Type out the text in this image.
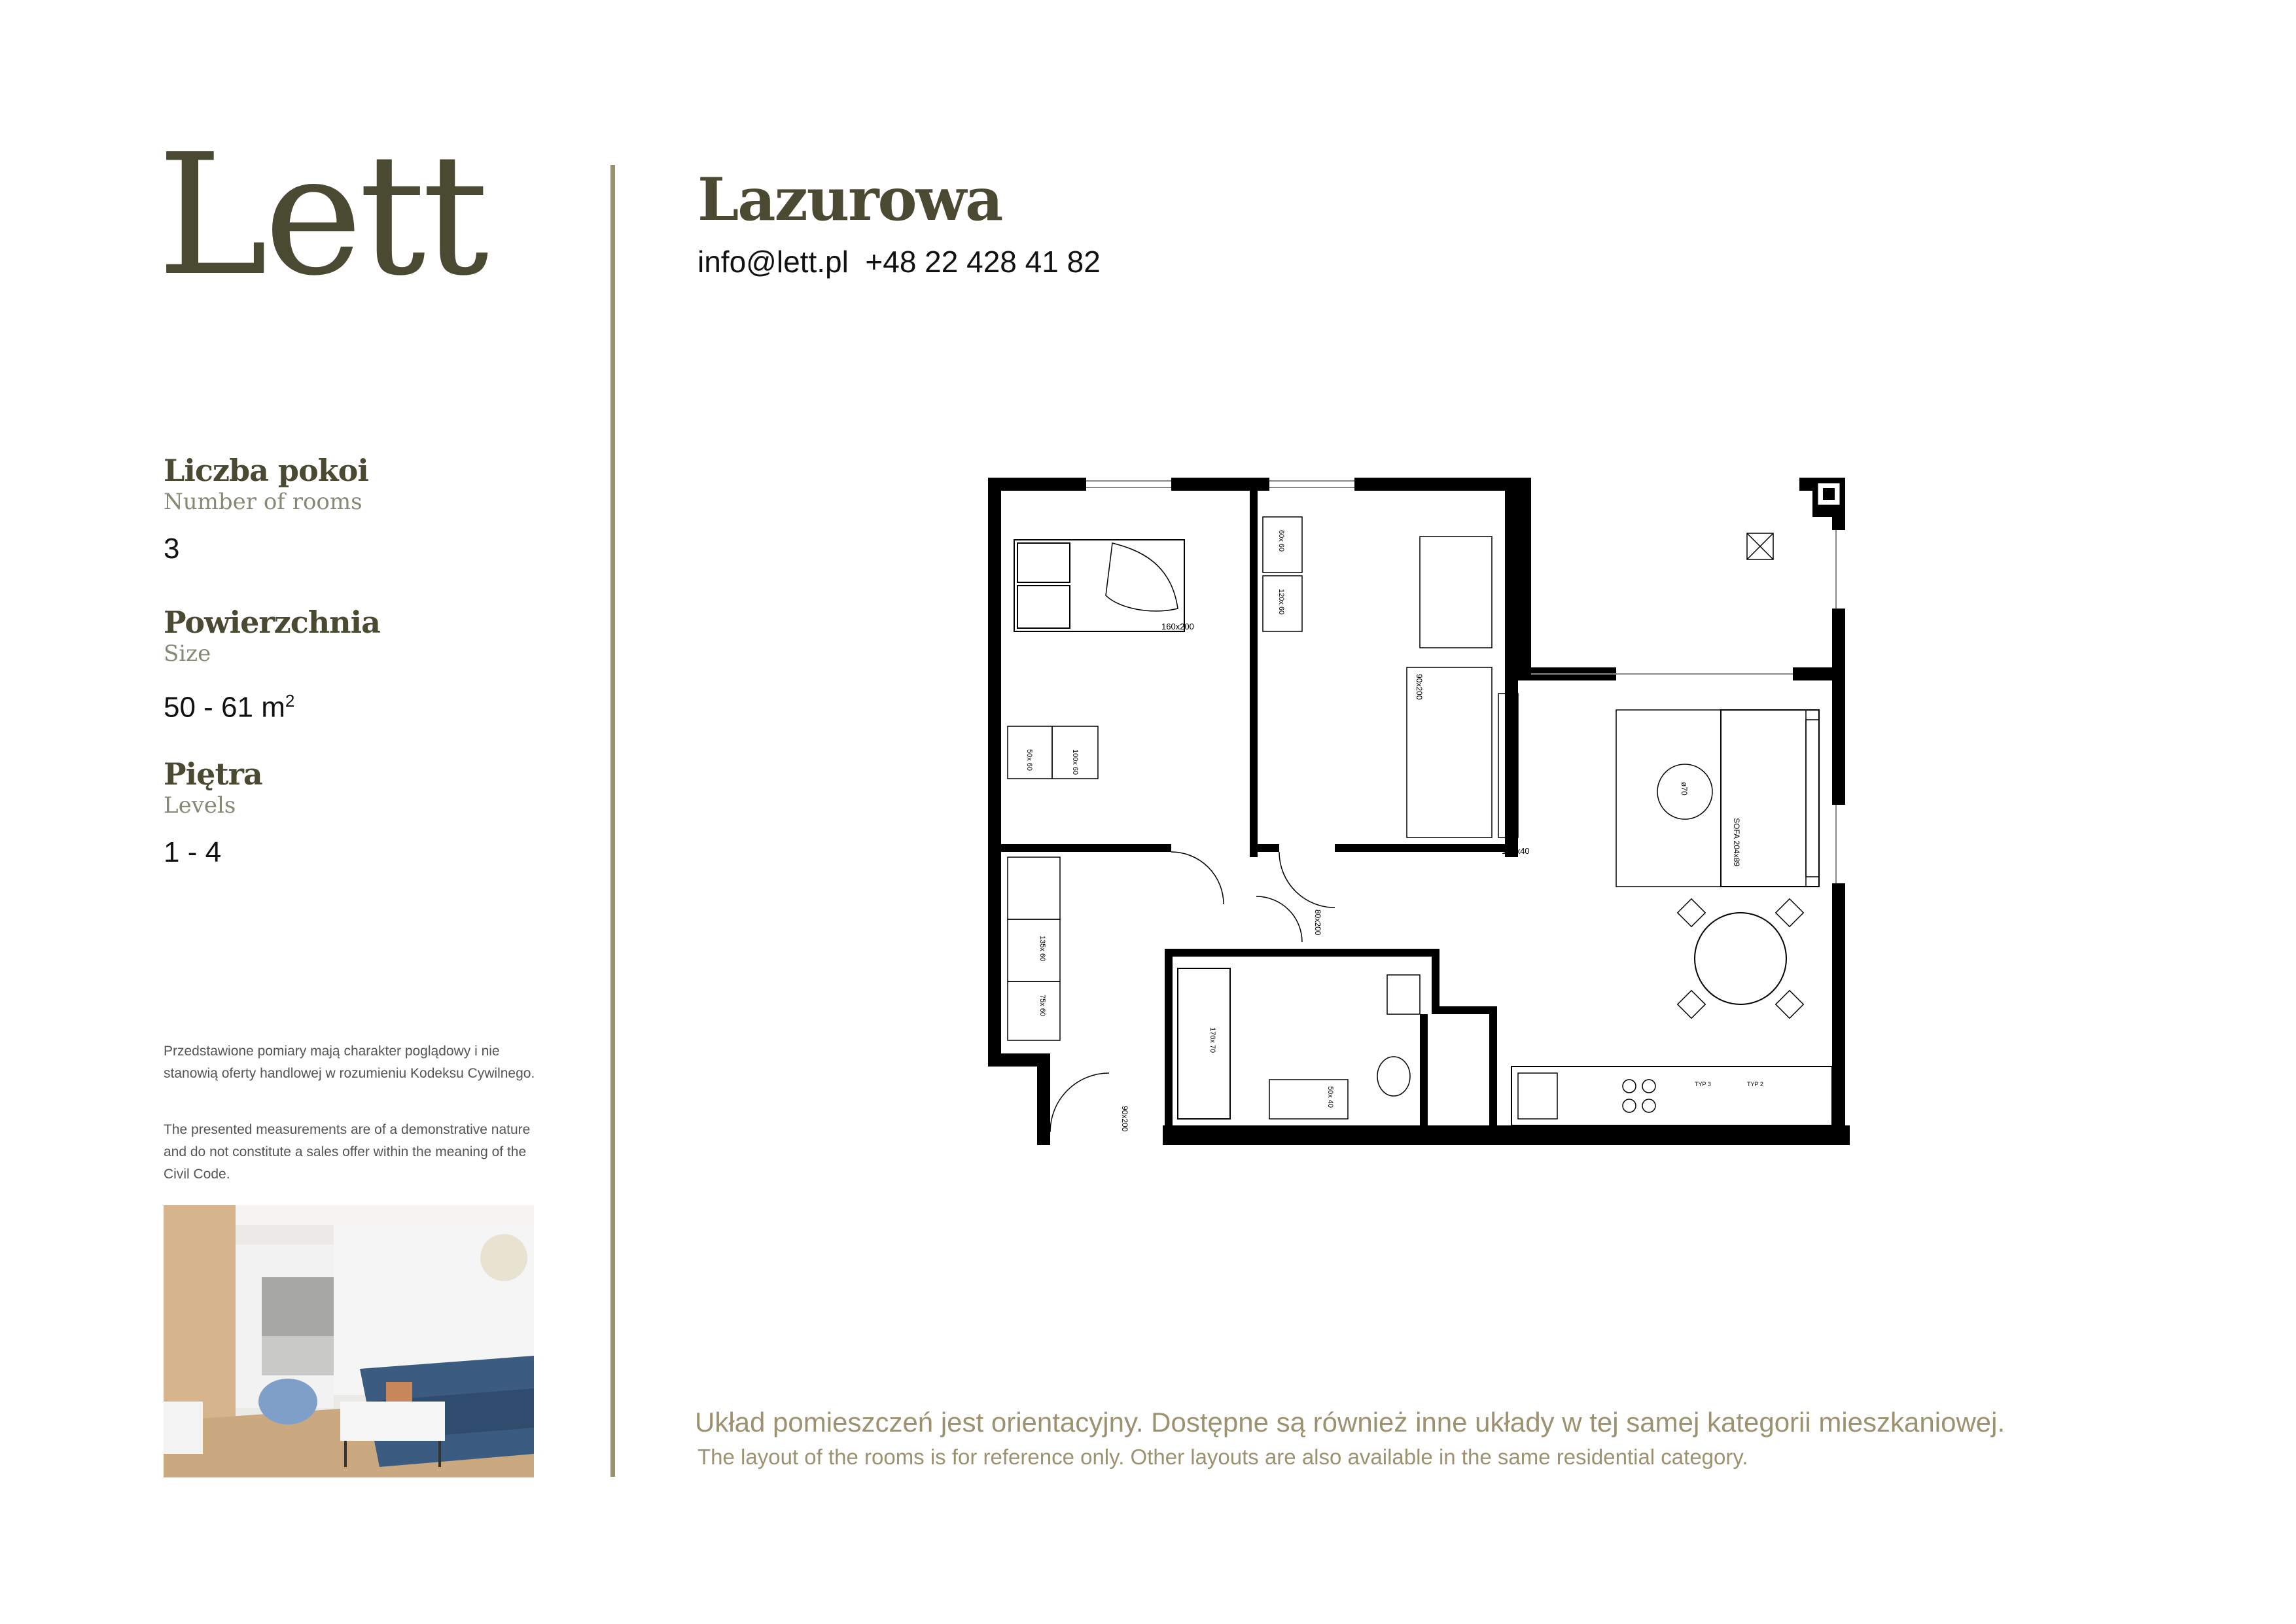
Lett
Liczba pokoi
Number of rooms
3
Powierzchnia
Size
50 - 61 $m^2$
Piętra
Levels
1 - 4
Przedstawione pomiary mają charakter poglądowy i nie stanowią oferty handlowej w rozumieniu Kodeksu Cywilnego.
The presented measurements are of a demonstrative nature and do not constitute a sales offer within the meaning of the Civil Code.
Lazurowa
info@lett.pl +48 22 428 41 82
160x200
50x 60	100x 60
60x 60
120x 60
90x200
160x40
135x 60
75x 60
80x200
90x200
170x 70
50x 40
ø70
SOFA 204x89
TYP 3	TYP 2
Układ pomieszczeń jest orientacyjny. Dostępne są również inne układy w tej samej kategorii mieszkaniowej.
The layout of the rooms is for reference only. Other layouts are also available in the same residential category.
